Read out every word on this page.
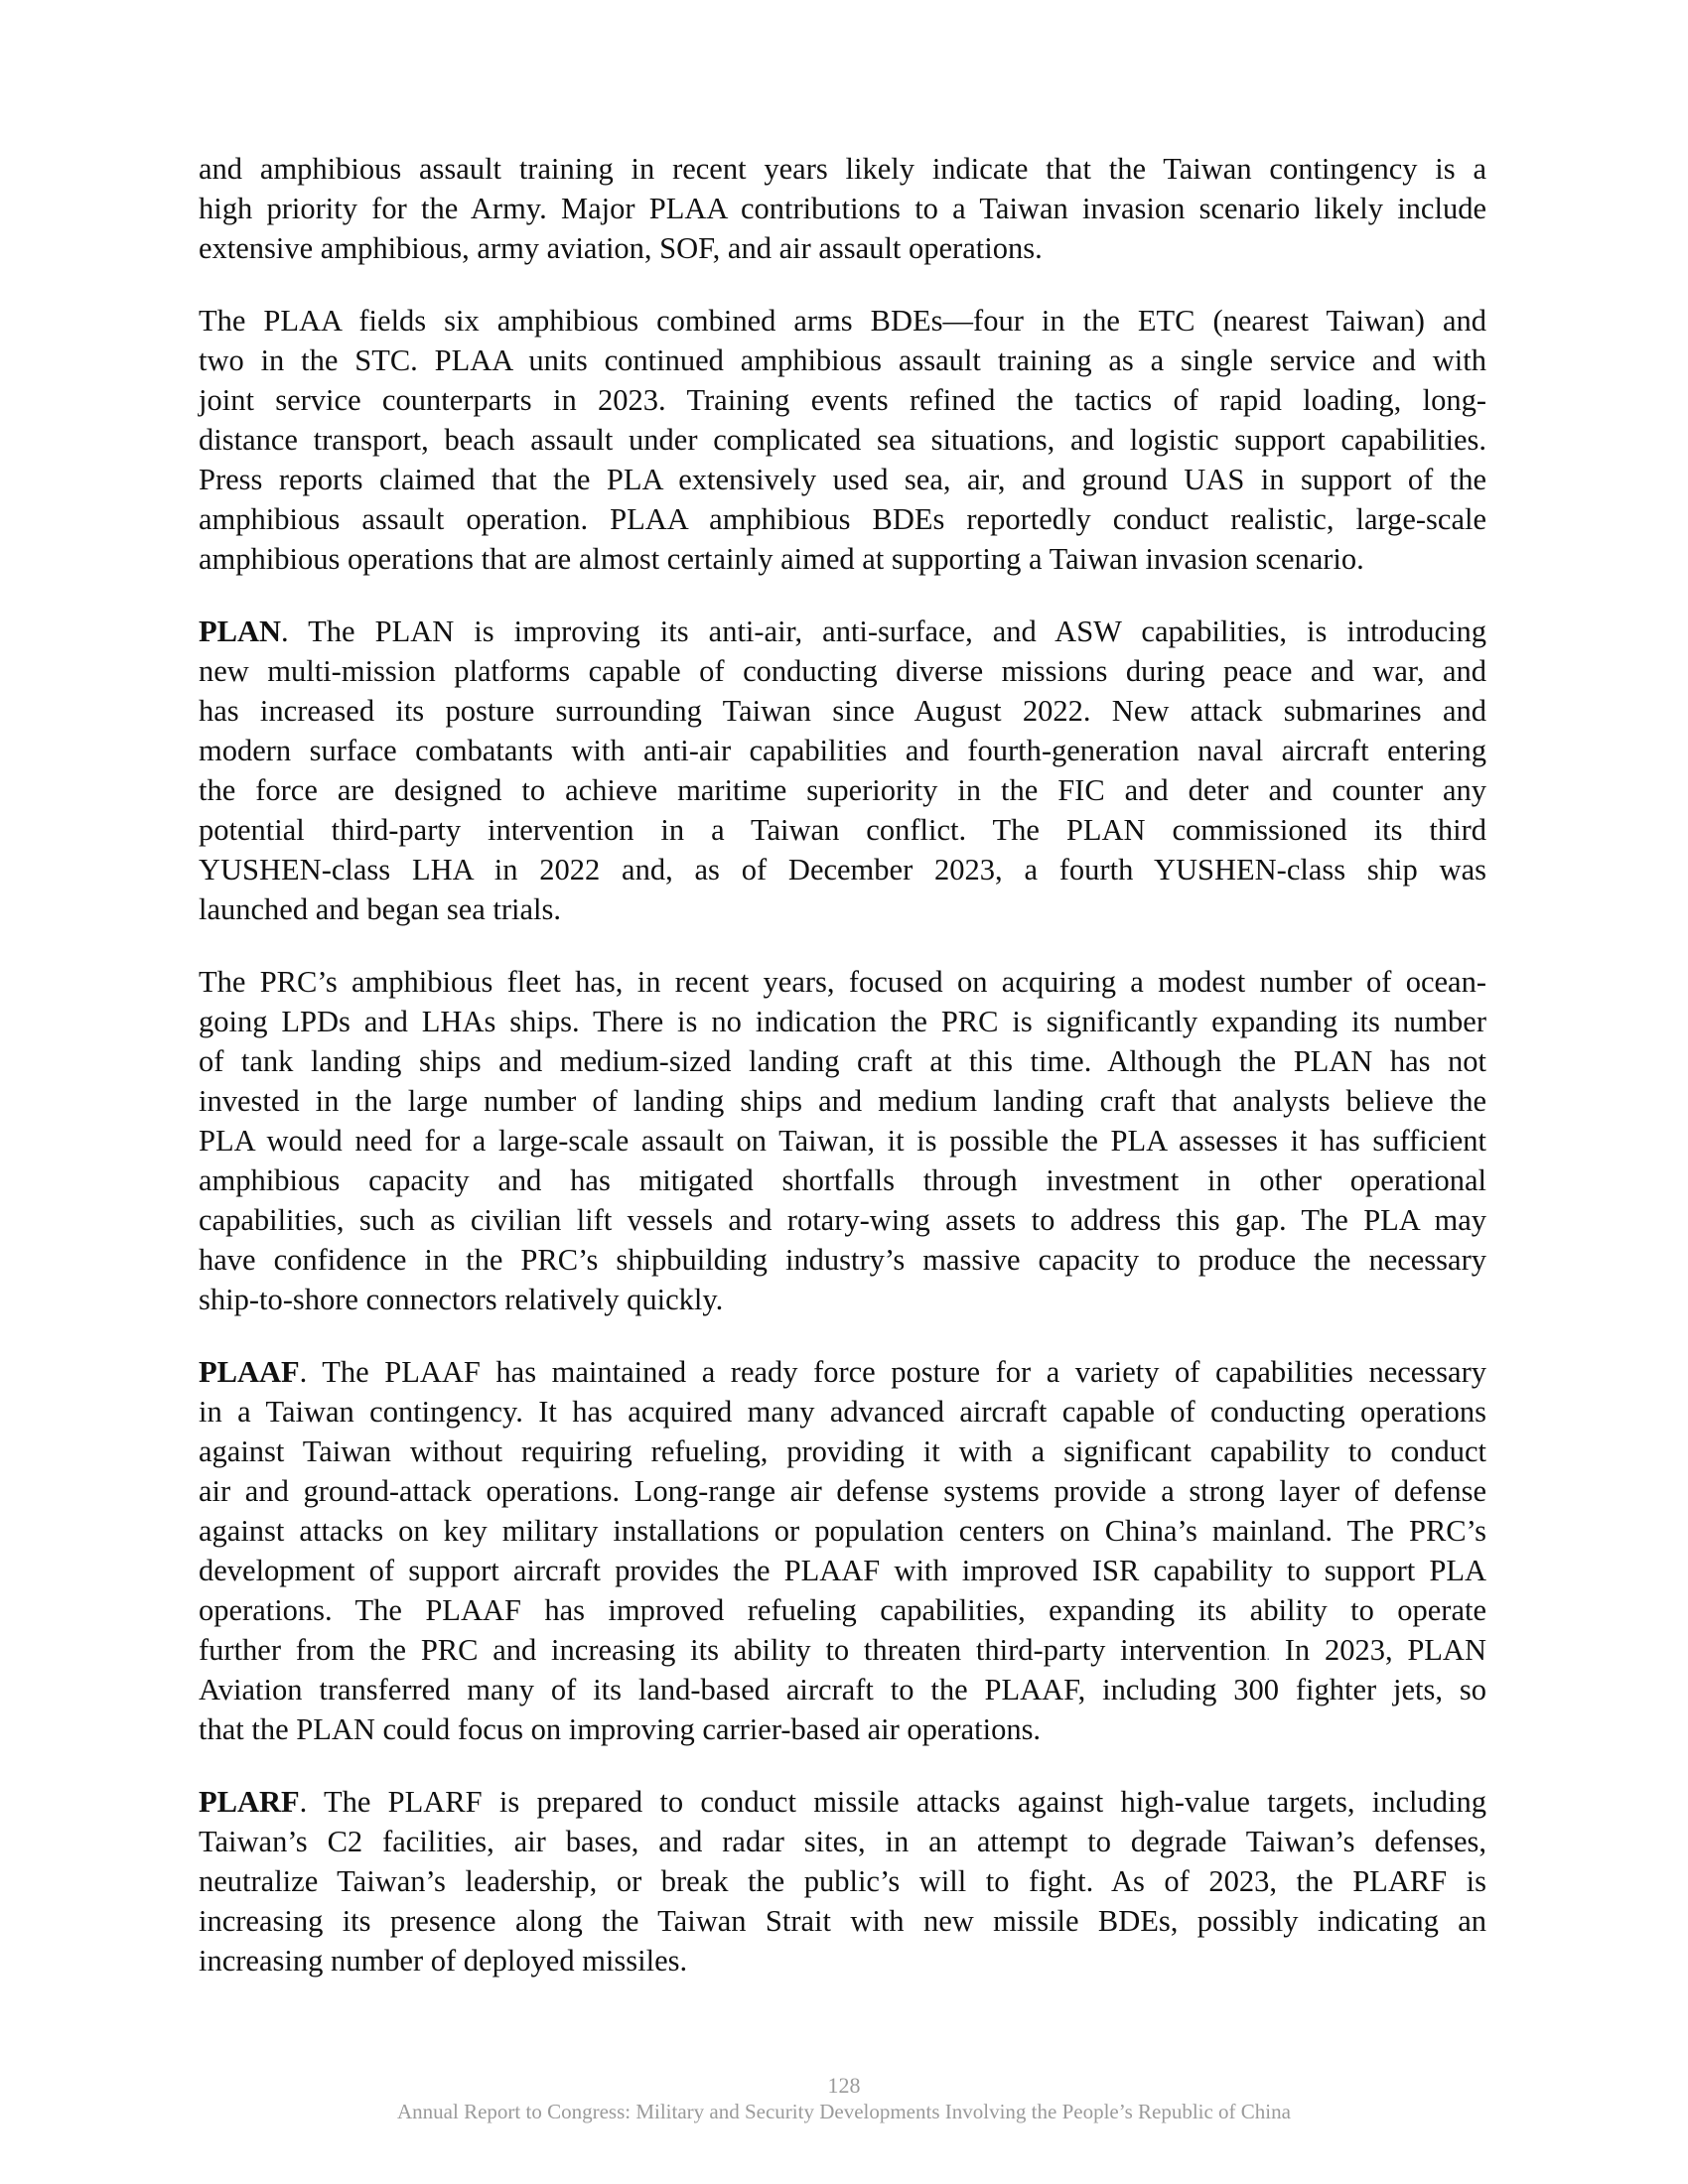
and amphibious assault training in recent years likely indicate that the Taiwan contingency is a
high priority for the Army. Major PLAA contributions to a Taiwan invasion scenario likely include
extensive amphibious, army aviation, SOF, and air assault operations.

The PLAA fields six amphibious combined arms BDEs—four in the ETC (nearest Taiwan) and
two in the STC. PLAA units continued amphibious assault training as a single service and with
joint service counterparts in 2023. Training events refined the tactics of rapid loading, long-
distance transport, beach assault under complicated sea situations, and logistic support capabilities.
Press reports claimed that the PLA extensively used sea, air, and ground UAS in support of the
amphibious assault operation. PLAA amphibious BDEs reportedly conduct realistic, large-scale
amphibious operations that are almost certainly aimed at supporting a Taiwan invasion scenario.

PLAN. The PLAN is improving its anti-air, anti-surface, and ASW capabilities, is introducing
new multi-mission platforms capable of conducting diverse missions during peace and war, and
has increased its posture surrounding Taiwan since August 2022. New attack submarines and
modern surface combatants with anti-air capabilities and fourth-generation naval aircraft entering
the force are designed to achieve maritime superiority in the FIC and deter and counter any
potential third-party intervention in a Taiwan conflict. The PLAN commissioned its third
YUSHEN-class LHA in 2022 and, as of December 2023, a fourth YUSHEN-class ship was
launched and began sea trials.

The PRC’s amphibious fleet has, in recent years, focused on acquiring a modest number of ocean-
going LPDs and LHAs ships. There is no indication the PRC is significantly expanding its number
of tank landing ships and medium-sized landing craft at this time. Although the PLAN has not
invested in the large number of landing ships and medium landing craft that analysts believe the
PLA would need for a large-scale assault on Taiwan, it is possible the PLA assesses it has sufficient
amphibious capacity and has mitigated shortfalls through investment in other operational
capabilities, such as civilian lift vessels and rotary-wing assets to address this gap. The PLA may
have confidence in the PRC’s shipbuilding industry’s massive capacity to produce the necessary
ship-to-shore connectors relatively quickly.

PLAAF. The PLAAF has maintained a ready force posture for a variety of capabilities necessary
in a Taiwan contingency. It has acquired many advanced aircraft capable of conducting operations
against Taiwan without requiring refueling, providing it with a significant capability to conduct
air and ground-attack operations. Long-range air defense systems provide a strong layer of defense
against attacks on key military installations or population centers on China’s mainland. The PRC’s
development of support aircraft provides the PLAAF with improved ISR capability to support PLA
operations. The PLAAF has improved refueling capabilities, expanding its ability to operate
further from the PRC and increasing its ability to threaten third-party intervention. In 2023, PLAN
Aviation transferred many of its land-based aircraft to the PLAAF, including 300 fighter jets, so
that the PLAN could focus on improving carrier-based air operations.

PLARF. The PLARF is prepared to conduct missile attacks against high-value targets, including
Taiwan’s C2 facilities, air bases, and radar sites, in an attempt to degrade Taiwan’s defenses,
neutralize Taiwan’s leadership, or break the public’s will to fight. As of 2023, the PLARF is
increasing its presence along the Taiwan Strait with new missile BDEs, possibly indicating an
increasing number of deployed missiles.

128
Annual Report to Congress: Military and Security Developments Involving the People’s Republic of China
